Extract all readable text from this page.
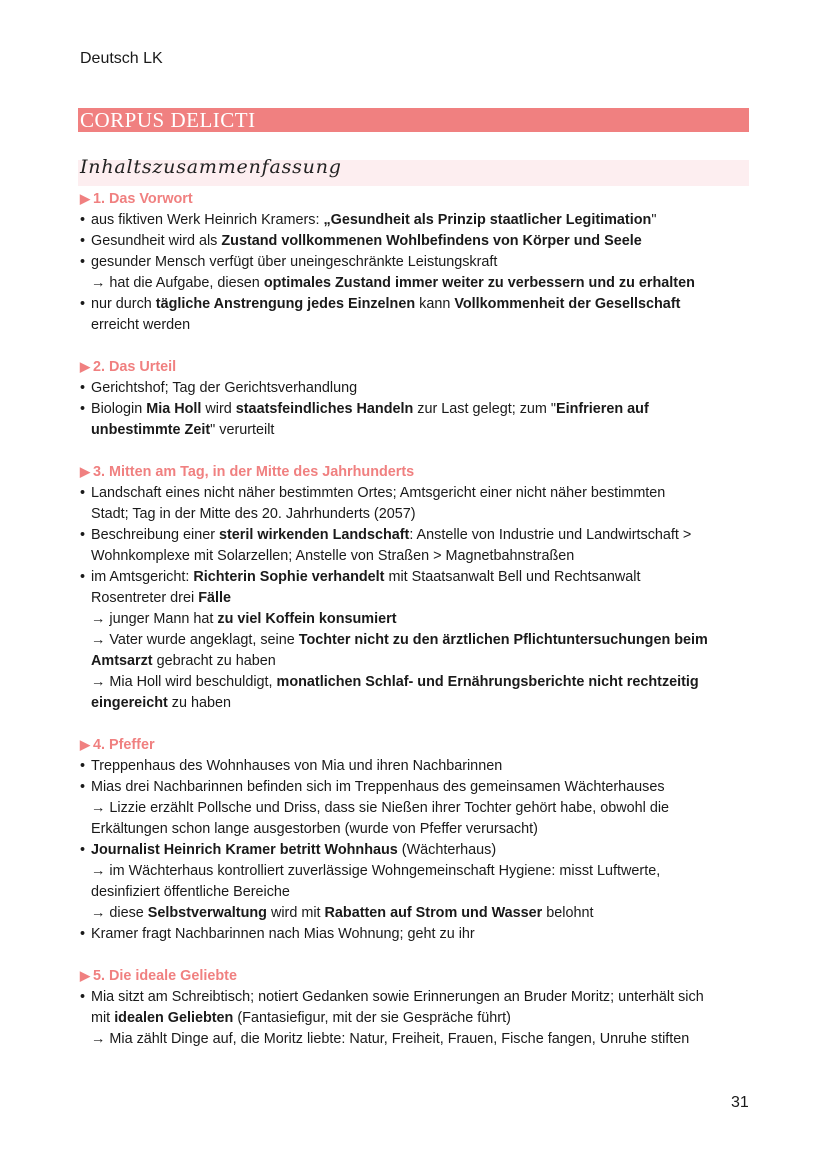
Deutsch LK
CORPUS DELICTI
Inhaltszusammenfassung
▶ 1. Das Vorwort
• aus fiktiven Werk Heinrich Kramers: „Gesundheit als Prinzip staatlicher Legitimation"
• Gesundheit wird als Zustand vollkommenen Wohlbefindens von Körper und Seele
• gesunder Mensch verfügt über uneingeschränkte Leistungskraft
→ hat die Aufgabe, diesen optimales Zustand immer weiter zu verbessern und zu erhalten
• nur durch tägliche Anstrengung jedes Einzelnen kann Vollkommenheit der Gesellschaft
erreicht werden
▶ 2. Das Urteil
• Gerichtshof; Tag der Gerichtsverhandlung
• Biologin Mia Holl wird staatsfeindliches Handeln zur Last gelegt; zum "Einfrieren auf
unbestimmte Zeit" verurteilt
▶ 3. Mitten am Tag, in der Mitte des Jahrhunderts
• Landschaft eines nicht näher bestimmten Ortes; Amtsgericht einer nicht näher bestimmten
Stadt; Tag in der Mitte des 20. Jahrhunderts (2057)
• Beschreibung einer steril wirkenden Landschaft: Anstelle von Industrie und Landwirtschaft >
Wohnkomplexe mit Solarzellen; Anstelle von Straßen > Magnetbahnstraßen
• im Amtsgericht: Richterin Sophie verhandelt mit Staatsanwalt Bell und Rechtsanwalt
Rosentreter drei Fälle
→ junger Mann hat zu viel Koffein konsumiert
→ Vater wurde angeklagt, seine Tochter nicht zu den ärztlichen Pflichtuntersuchungen beim
Amtsarzt gebracht zu haben
→ Mia Holl wird beschuldigt, monatlichen Schlaf- und Ernährungsberichte nicht rechtzeitig
eingereicht zu haben
▶ 4. Pfeffer
• Treppenhaus des Wohnhauses von Mia und ihren Nachbarinnen
• Mias drei Nachbarinnen befinden sich im Treppenhaus des gemeinsamen Wächterhauses
→ Lizzie erzählt Pollsche und Driss, dass sie Nießen ihrer Tochter gehört habe, obwohl die
Erkältungen schon lange ausgestorben (wurde von Pfeffer verursacht)
• Journalist Heinrich Kramer betritt Wohnhaus (Wächterhaus)
→ im Wächterhaus kontrolliert zuverlässige Wohngemeinschaft Hygiene: misst Luftwerte,
desinfiziert öffentliche Bereiche
→ diese Selbstverwaltung wird mit Rabatten auf Strom und Wasser belohnt
• Kramer fragt Nachbarinnen nach Mias Wohnung; geht zu ihr
▶ 5. Die ideale Geliebte
• Mia sitzt am Schreibtisch; notiert Gedanken sowie Erinnerungen an Bruder Moritz; unterhält sich
mit idealen Geliebten (Fantasiefigur, mit der sie Gespräche führt)
→ Mia zählt Dinge auf, die Moritz liebte: Natur, Freiheit, Frauen, Fische fangen, Unruhe stiften
31
